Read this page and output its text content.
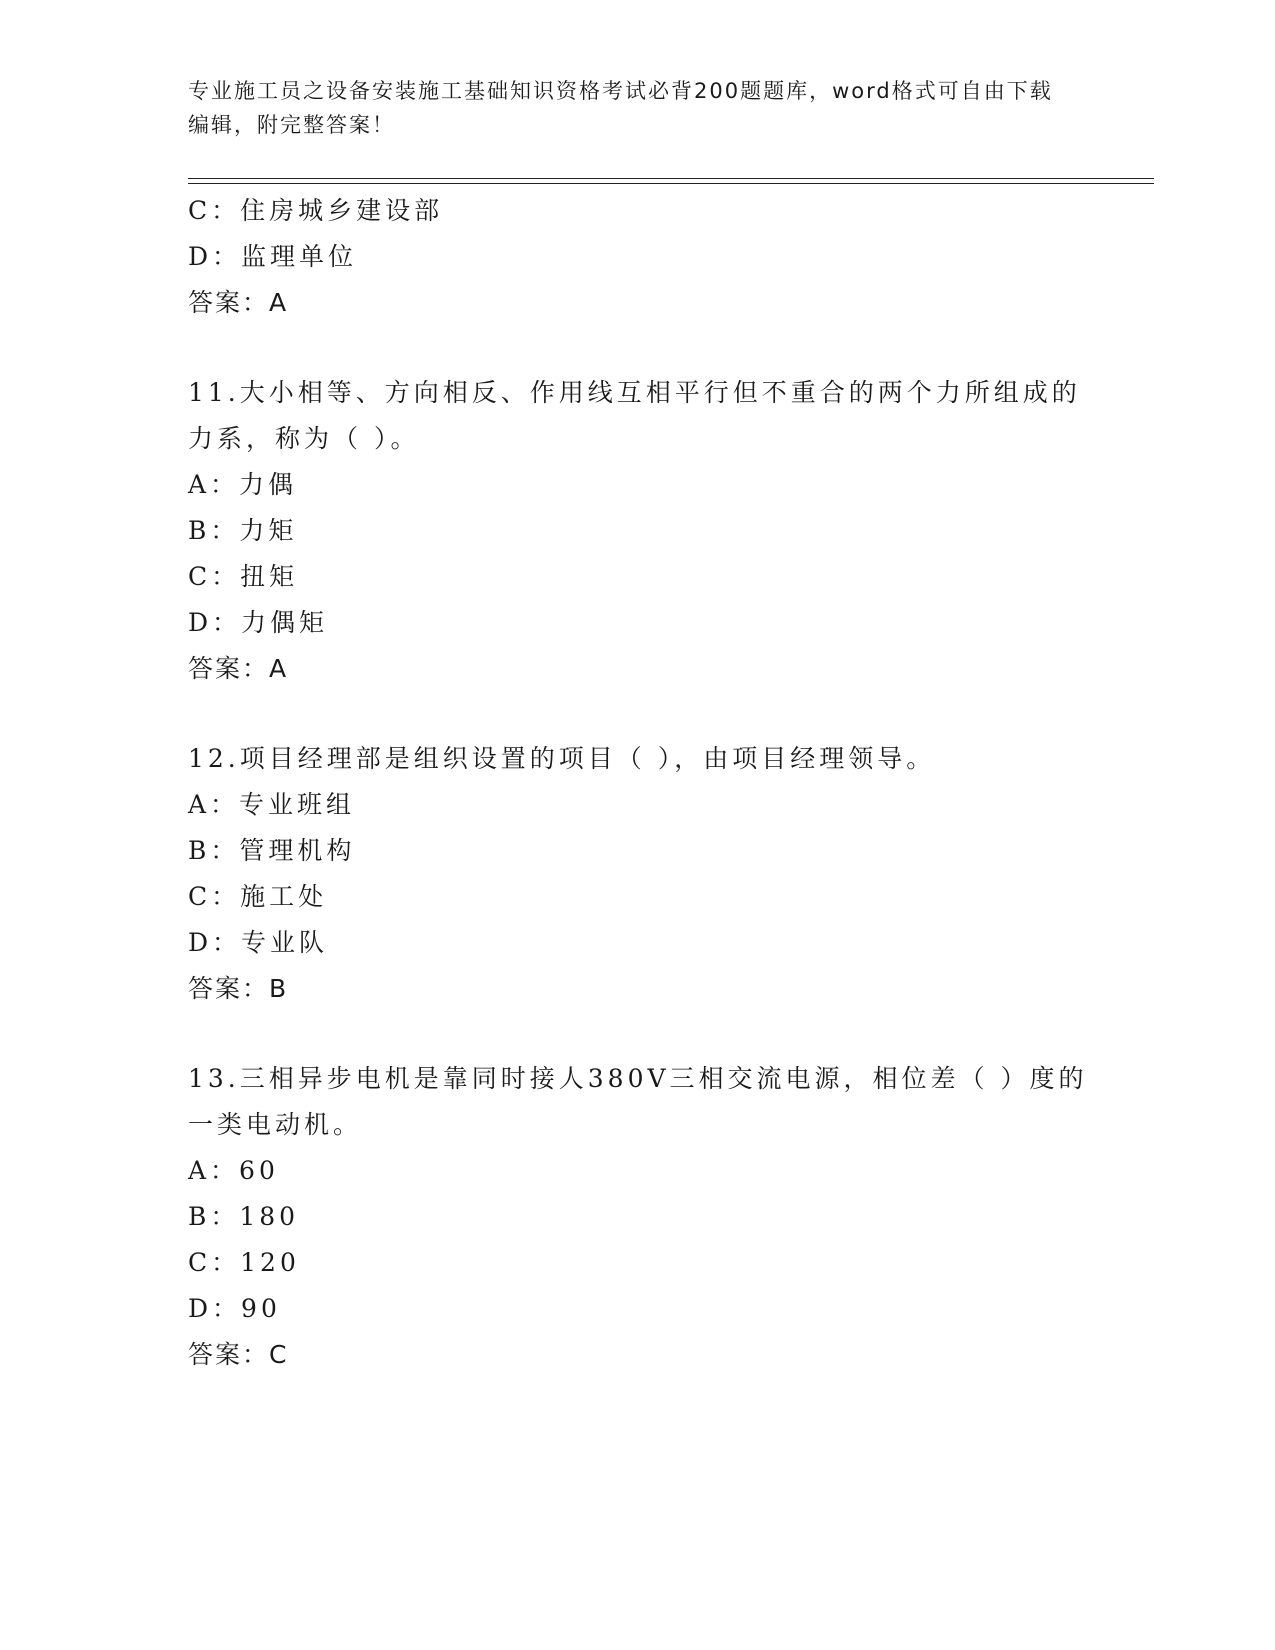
专业施工员之设备安装施工基础知识资格考试必背200题题库，word格式可自由下载编辑，附完整答案！
C：住房城乡建设部
D：监理单位
答案：A
11.大小相等、方向相反、作用线互相平行但不重合的两个力所组成的
力系，称为（ ）。
A：力偶
B：力矩
C：扭矩
D：力偶矩
答案：A
12.项目经理部是组织设置的项目（ ），由项目经理领导。
A：专业班组
B：管理机构
C：施工处
D：专业队
答案：B
13.三相异步电机是靠同时接人380V三相交流电源，相位差（ ）度的
一类电动机。
A：60
B：180
C：120
D：90
答案：C
